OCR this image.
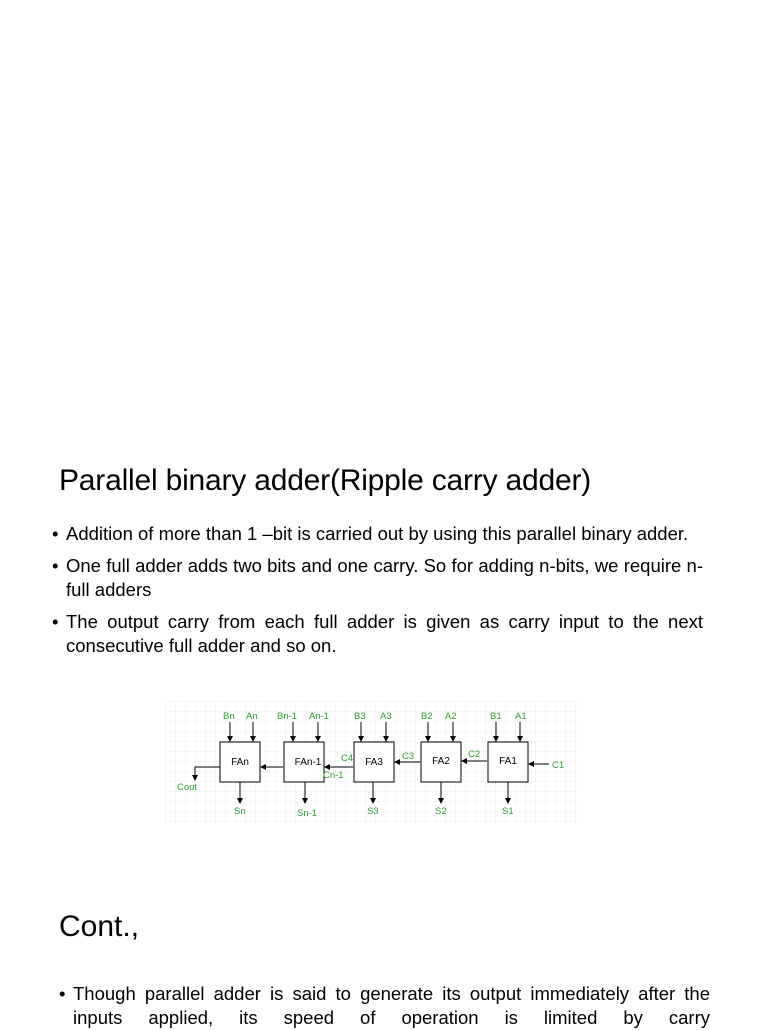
Parallel binary adder(Ripple carry adder)
• Addition of more than 1 –bit is carried out by using this parallel binary adder.
• One full adder adds two bits and one carry. So for adding n-bits, we require n-full adders
• The output carry from each full adder is given as carry input to the next consecutive full adder and so on.
FAn	FAn-1	FA3	FA2	FA1
Bn An Bn-1 An-1	B3 A3	B2 A2	B1 A1
Sn	Sn-1	S3	S2	S1
C4
Cn-1
C3	C2
C1
Cout
Cont.,
• Though parallel adder is said to generate its output immediately after the inputs applied, its speed of operation is limited by carry
